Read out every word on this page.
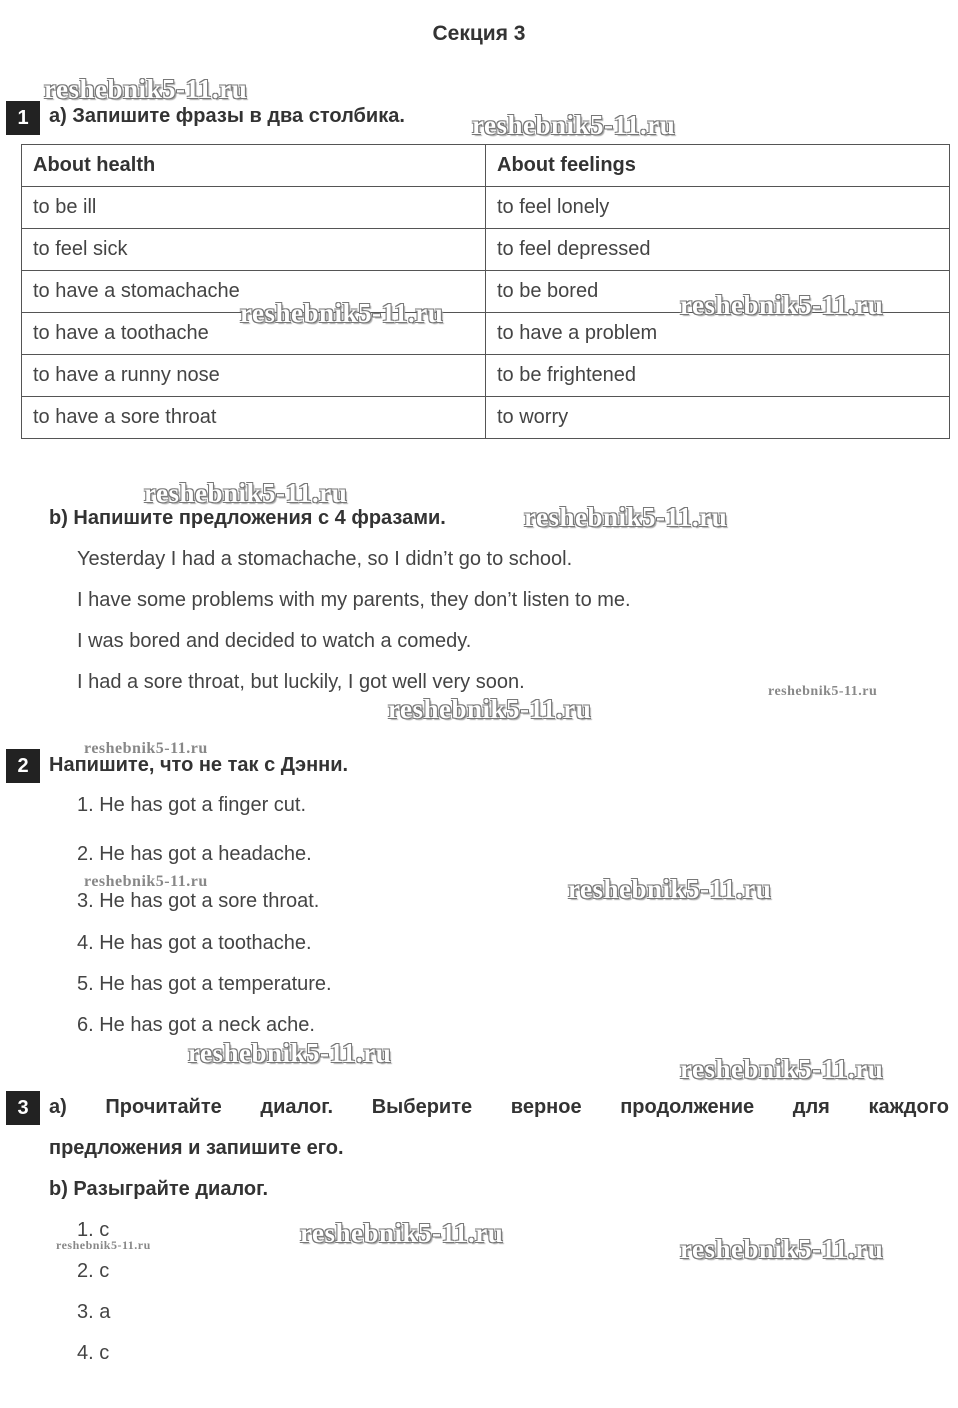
Секция 3
1	а) Запишите фразы в два столбика.
About health	About feelings
to be ill	to feel lonely
to feel sick	to feel depressed
to have a stomachache	to be bored
to have a toothache	to have a problem
to have a runny nose	to be frightened
to have a sore throat	to worry
b) Напишите предложения с 4 фразами.
Yesterday I had a stomachache, so I didn’t go to school.
I have some problems with my parents, they don’t listen to me.
I was bored and decided to watch a comedy.
I had a sore throat, but luckily, I got well very soon.
2	Напишите, что не так с Дэнни.
1. He has got a finger cut.
2. He has got a headache.
3. He has got a sore throat.
4. He has got a toothache.
5. He has got a temperature.
6. He has got a neck ache.
3	а) Прочитайте диалог. Выберите верное продолжение для каждого
предложения и запишите его.
b) Разыграйте диалог.
1. c
2. c
3. a
4. c
reshebnik5-11.ru
reshebnik5-11.ru
reshebnik5-11.ru	reshebnik5-11.ru
reshebnik5-11.ru
reshebnik5-11.ru
reshebnik5-11.ru
reshebnik5-11.ru
reshebnik5-11.ru
reshebnik5-11.ru	reshebnik5-11.ru
reshebnik5-11.ru
reshebnik5-11.ru
reshebnik5-11.ru
reshebnik5-11.ru	reshebnik5-11.ru
